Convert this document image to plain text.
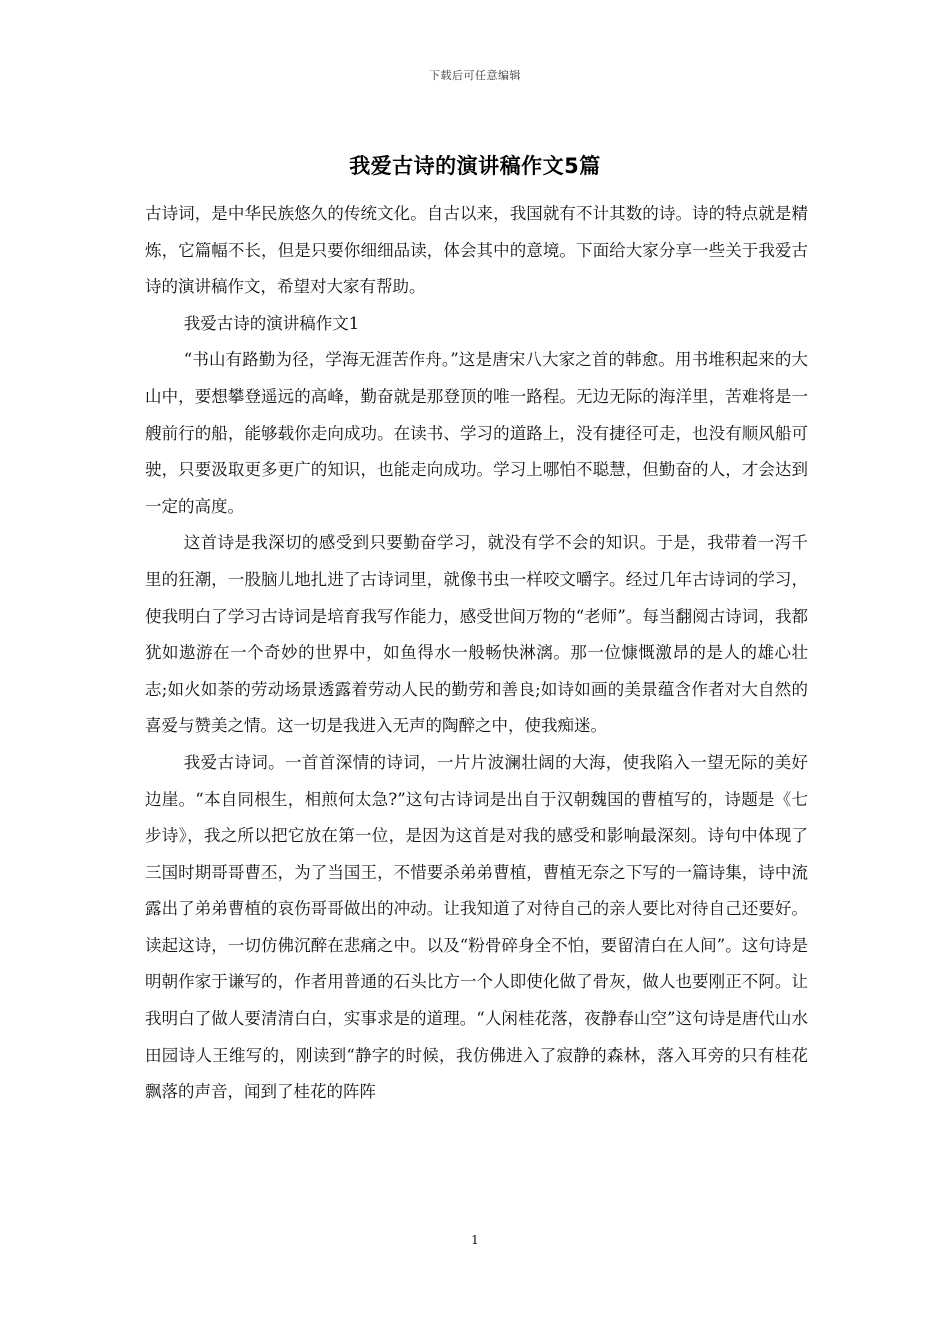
下载后可任意编辑
我爱古诗的演讲稿作文5篇

古诗词，是中华民族悠久的传统文化。自古以来，我国就有不计其数的诗。诗的特点就是精炼，它篇幅不长，但是只要你细细品读，体会其中的意境。下面给大家分享一些关于我爱古诗的演讲稿作文，希望对大家有帮助。

我爱古诗的演讲稿作文1

“书山有路勤为径，学海无涯苦作舟。”这是唐宋八大家之首的韩愈。用书堆积起来的大山中，要想攀登遥远的高峰，勤奋就是那登顶的唯一路程。无边无际的海洋里，苦难将是一艘前行的船，能够载你走向成功。在读书、学习的道路上，没有捷径可走，也没有顺风船可驶，只要汲取更多更广的知识，也能走向成功。学习上哪怕不聪慧，但勤奋的人，才会达到一定的高度。

这首诗是我深切的感受到只要勤奋学习，就没有学不会的知识。于是，我带着一泻千里的狂潮，一股脑儿地扎进了古诗词里，就像书虫一样咬文嚼字。经过几年古诗词的学习，使我明白了学习古诗词是培育我写作能力，感受世间万物的“老师”。每当翻阅古诗词，我都犹如遨游在一个奇妙的世界中，如鱼得水一般畅快淋漓。那一位慷慨激昂的是人的雄心壮志;如火如荼的劳动场景透露着劳动人民的勤劳和善良;如诗如画的美景蕴含作者对大自然的喜爱与赞美之情。这一切是我进入无声的陶醉之中，使我痴迷。

我爱古诗词。一首首深情的诗词，一片片波澜壮阔的大海，使我陷入一望无际的美好边崖。“本自同根生，相煎何太急?”这句古诗词是出自于汉朝魏国的曹植写的，诗题是《七步诗》，我之所以把它放在第一位，是因为这首是对我的感受和影响最深刻。诗句中体现了三国时期哥哥曹丕，为了当国王，不惜要杀弟弟曹植，曹植无奈之下写的一篇诗集，诗中流露出了弟弟曹植的哀伤哥哥做出的冲动。让我知道了对待自己的亲人要比对待自己还要好。读起这诗，一切仿佛沉醉在悲痛之中。以及“粉骨碎身全不怕，要留清白在人间”。这句诗是明朝作家于谦写的，作者用普通的石头比方一个人即使化做了骨灰，做人也要刚正不阿。让我明白了做人要清清白白，实事求是的道理。“人闲桂花落，夜静春山空”这句诗是唐代山水田园诗人王维写的，刚读到“静字的时候，我仿佛进入了寂静的森林，落入耳旁的只有桂花飘落的声音，闻到了桂花的阵阵

1
